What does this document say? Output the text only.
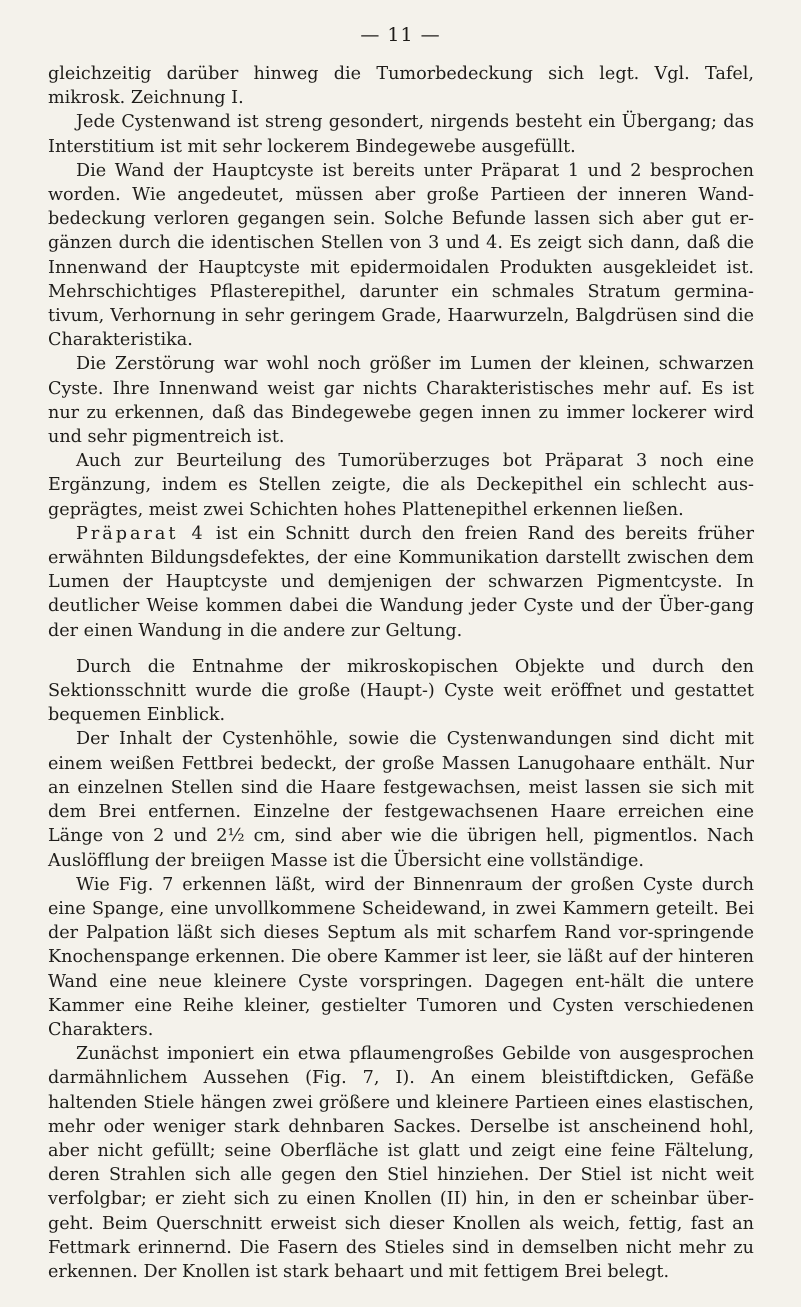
— 11 —

gleichzeitig darüber hinweg die Tumorbedeckung sich legt. Vgl. Tafel, mikrosk. Zeichnung I.

Jede Cystenwand ist streng gesondert, nirgends besteht ein Übergang; das Interstitium ist mit sehr lockerem Bindegewebe ausgefüllt.

Die Wand der Hauptcyste ist bereits unter Präparat 1 und 2 besprochen worden. Wie angedeutet, müssen aber große Partieen der inneren Wand-bedeckung verloren gegangen sein. Solche Befunde lassen sich aber gut er-gänzen durch die identischen Stellen von 3 und 4. Es zeigt sich dann, daß die Innenwand der Hauptcyste mit epidermoidalen Produkten ausgekleidet ist. Mehrschichtiges Pflasterepithel, darunter ein schmales Stratum germina-tivum, Verhornung in sehr geringem Grade, Haarwurzeln, Balgdrüsen sind die Charakteristika.

Die Zerstörung war wohl noch größer im Lumen der kleinen, schwarzen Cyste. Ihre Innenwand weist gar nichts Charakteristisches mehr auf. Es ist nur zu erkennen, daß das Bindegewebe gegen innen zu immer lockerer wird und sehr pigmentreich ist.

Auch zur Beurteilung des Tumorüberzuges bot Präparat 3 noch eine Ergänzung, indem es Stellen zeigte, die als Deckepithel ein schlecht aus-geprägtes, meist zwei Schichten hohes Plattenepithel erkennen ließen.

Präparat 4 ist ein Schnitt durch den freien Rand des bereits früher erwähnten Bildungsdefektes, der eine Kommunikation darstellt zwischen dem Lumen der Hauptcyste und demjenigen der schwarzen Pigmentcyste. In deutlicher Weise kommen dabei die Wandung jeder Cyste und der Über-gang der einen Wandung in die andere zur Geltung.

Durch die Entnahme der mikroskopischen Objekte und durch den Sektionsschnitt wurde die große (Haupt-) Cyste weit eröffnet und gestattet bequemen Einblick.

Der Inhalt der Cystenhöhle, sowie die Cystenwandungen sind dicht mit einem weißen Fettbrei bedeckt, der große Massen Lanugohaare enthält. Nur an einzelnen Stellen sind die Haare festgewachsen, meist lassen sie sich mit dem Brei entfernen. Einzelne der festgewachsenen Haare erreichen eine Länge von 2 und 2½ cm, sind aber wie die übrigen hell, pigmentlos. Nach Auslöfflung der breiigen Masse ist die Übersicht eine vollständige.

Wie Fig. 7 erkennen läßt, wird der Binnenraum der großen Cyste durch eine Spange, eine unvollkommene Scheidewand, in zwei Kammern geteilt. Bei der Palpation läßt sich dieses Septum als mit scharfem Rand vor-springende Knochenspange erkennen. Die obere Kammer ist leer, sie läßt auf der hinteren Wand eine neue kleinere Cyste vorspringen. Dagegen ent-hält die untere Kammer eine Reihe kleiner, gestielter Tumoren und Cysten verschiedenen Charakters.

Zunächst imponiert ein etwa pflaumengroßes Gebilde von ausgesprochen darmähnlichem Aussehen (Fig. 7, I). An einem bleistiftdicken, Gefäße haltenden Stiele hängen zwei größere und kleinere Partieen eines elastischen, mehr oder weniger stark dehnbaren Sackes. Derselbe ist anscheinend hohl, aber nicht gefüllt; seine Oberfläche ist glatt und zeigt eine feine Fältelung, deren Strahlen sich alle gegen den Stiel hinziehen. Der Stiel ist nicht weit verfolgbar; er zieht sich zu einen Knollen (II) hin, in den er scheinbar über-geht. Beim Querschnitt erweist sich dieser Knollen als weich, fettig, fast an Fettmark erinnernd. Die Fasern des Stieles sind in demselben nicht mehr zu erkennen. Der Knollen ist stark behaart und mit fettigem Brei belegt.
